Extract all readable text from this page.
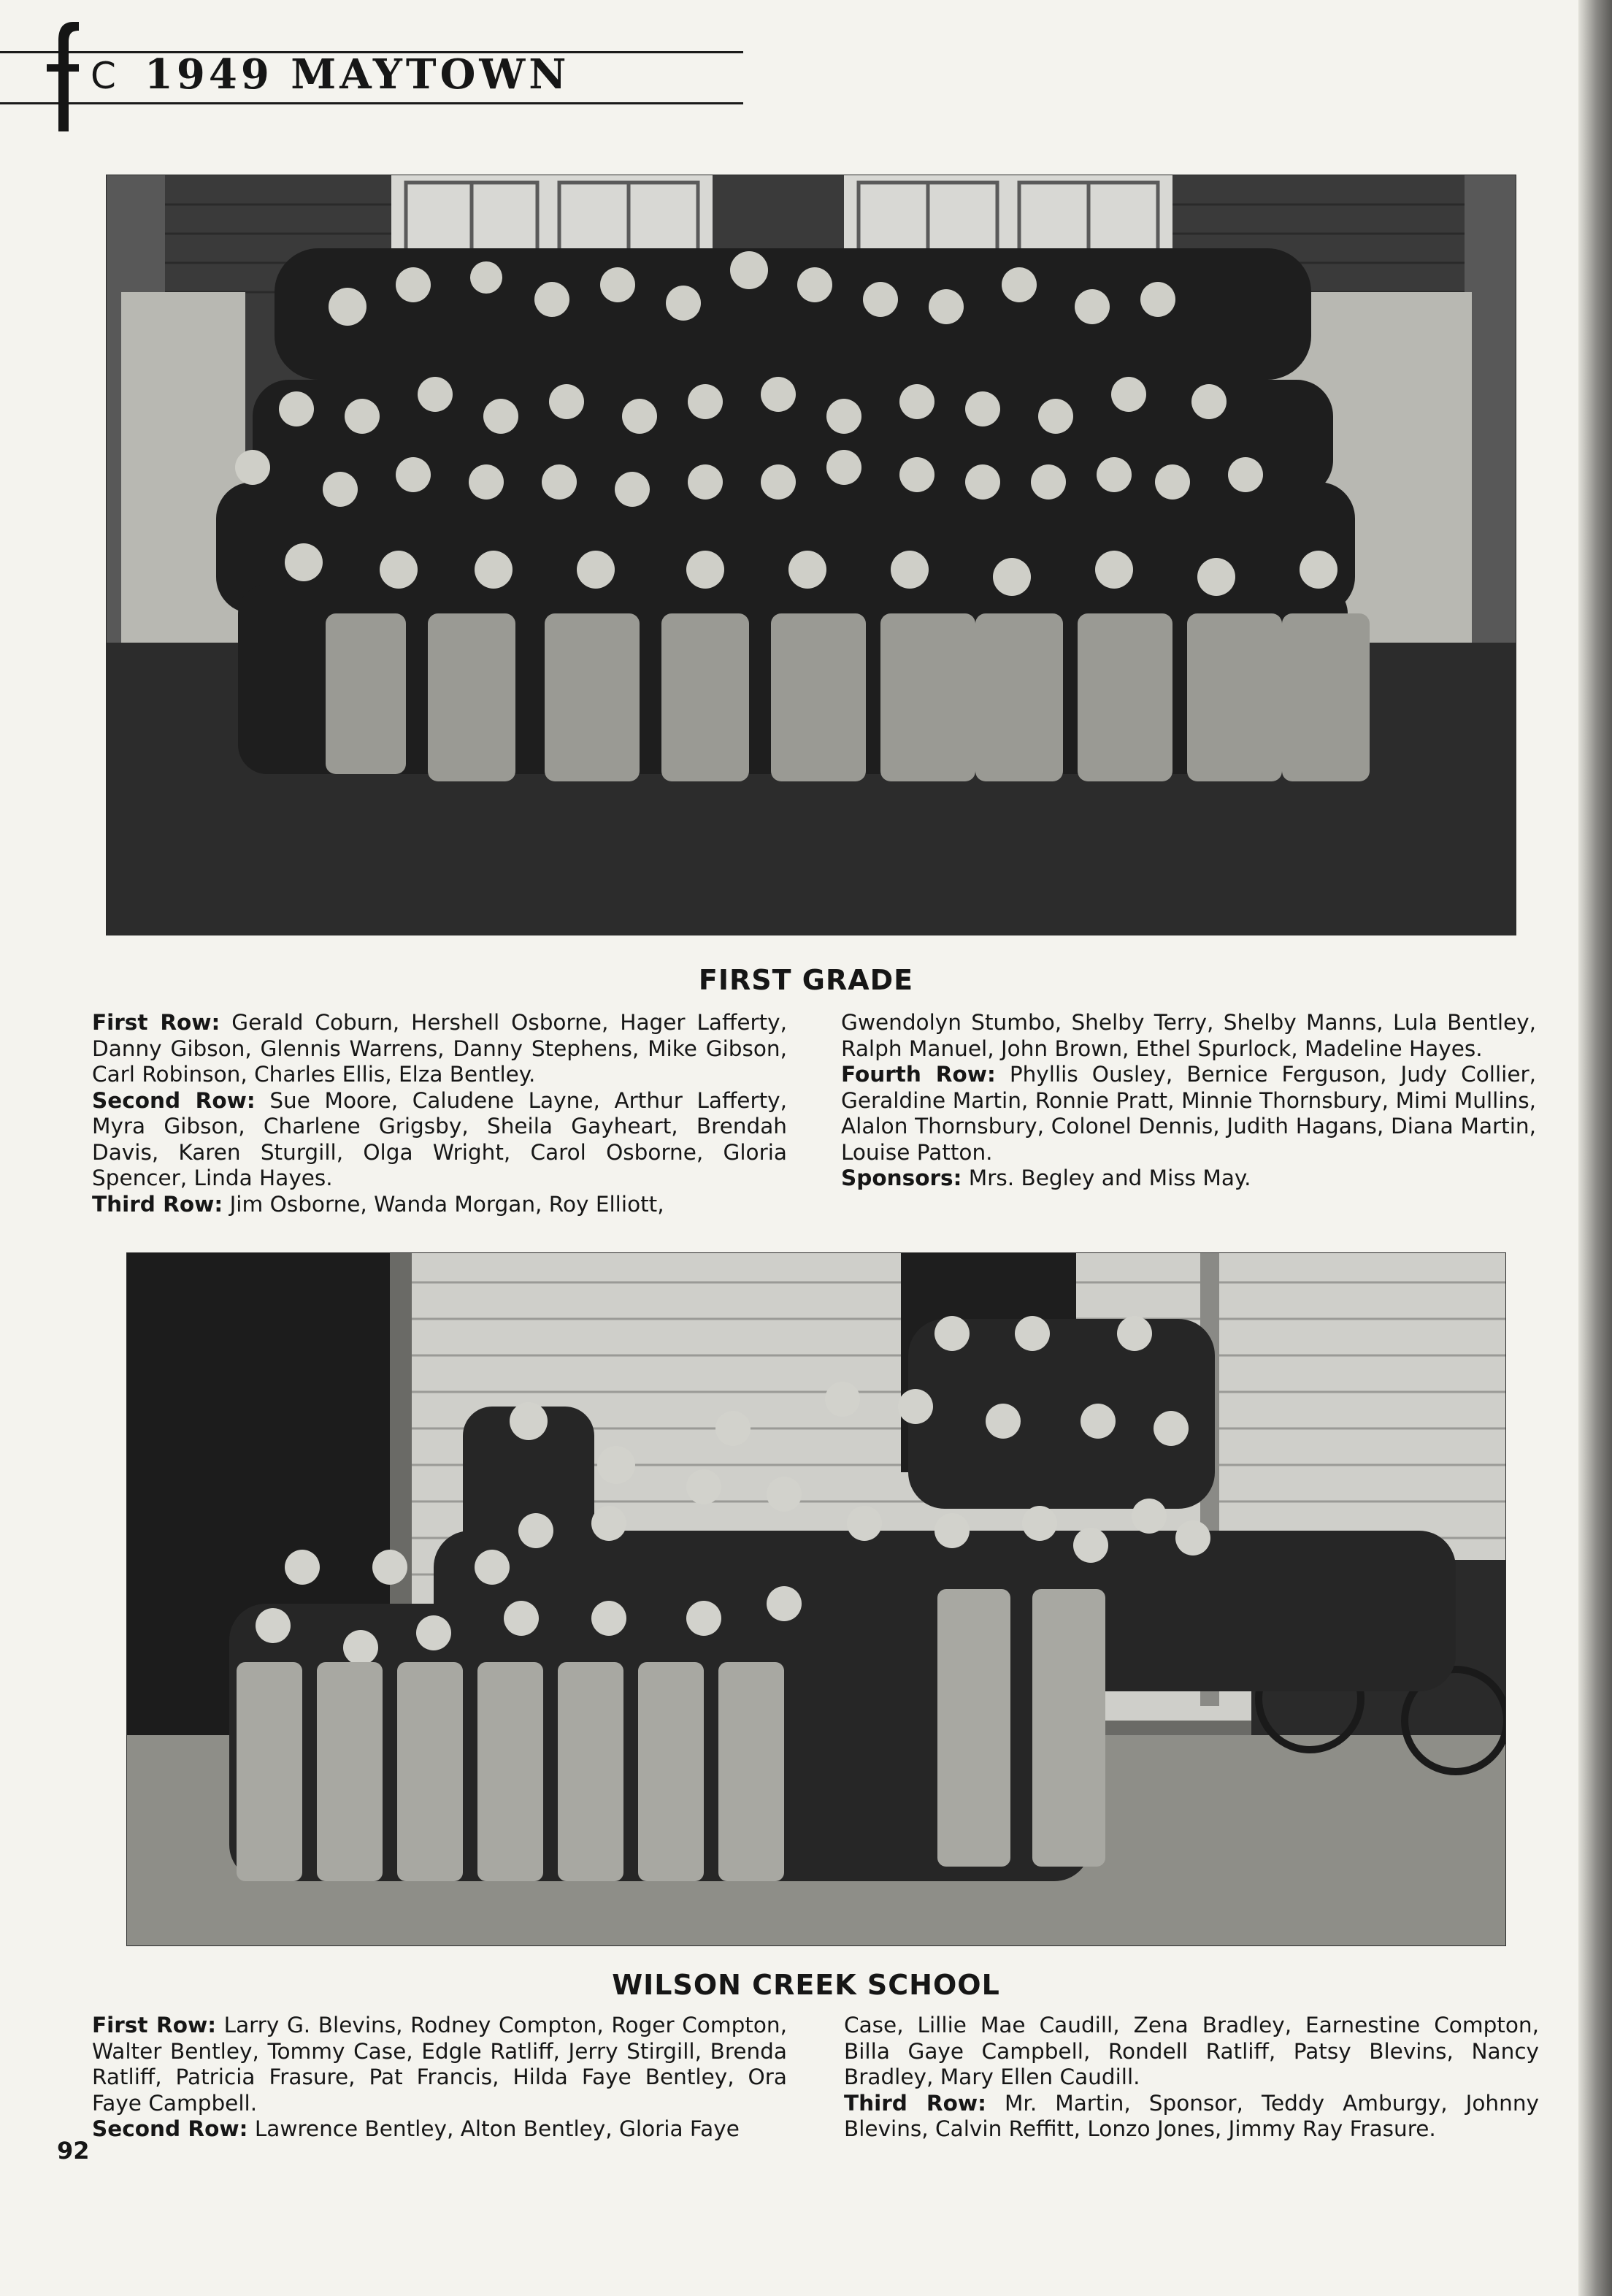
C 1949 MAYTOWN
FIRST GRADE

First Row: Gerald Coburn, Hershell Osborne, Hager Lafferty, Danny Gibson, Glennis Warrens, Danny Stephens, Mike Gibson, Carl Robinson, Charles Ellis, Elza Bentley.

Second Row: Sue Moore, Caludene Layne, Arthur Lafferty, Myra Gibson, Charlene Grigsby, Sheila Gayheart, Brendah Davis, Karen Sturgill, Olga Wright, Carol Osborne, Gloria Spencer, Linda Hayes.

Third Row: Jim Osborne, Wanda Morgan, Roy Elliott,

Gwendolyn Stumbo, Shelby Terry, Shelby Manns, Lula Bentley, Ralph Manuel, John Brown, Ethel Spurlock, Madeline Hayes.

Fourth Row: Phyllis Ousley, Bernice Ferguson, Judy Collier, Geraldine Martin, Ronnie Pratt, Minnie Thornsbury, Mimi Mullins, Alalon Thornsbury, Colonel Dennis, Judith Hagans, Diana Martin, Louise Patton.

Sponsors: Mrs. Begley and Miss May.

WILSON CREEK SCHOOL

First Row: Larry G. Blevins, Rodney Compton, Roger Compton, Walter Bentley, Tommy Case, Edgle Ratliff, Jerry Stirgill, Brenda Ratliff, Patricia Frasure, Pat Francis, Hilda Faye Bentley, Ora Faye Campbell.

Second Row: Lawrence Bentley, Alton Bentley, Gloria Faye

Case, Lillie Mae Caudill, Zena Bradley, Earnestine Compton, Billa Gaye Campbell, Rondell Ratliff, Patsy Blevins, Nancy Bradley, Mary Ellen Caudill.

Third Row: Mr. Martin, Sponsor, Teddy Amburgy, Johnny Blevins, Calvin Reffitt, Lonzo Jones, Jimmy Ray Frasure.

92
